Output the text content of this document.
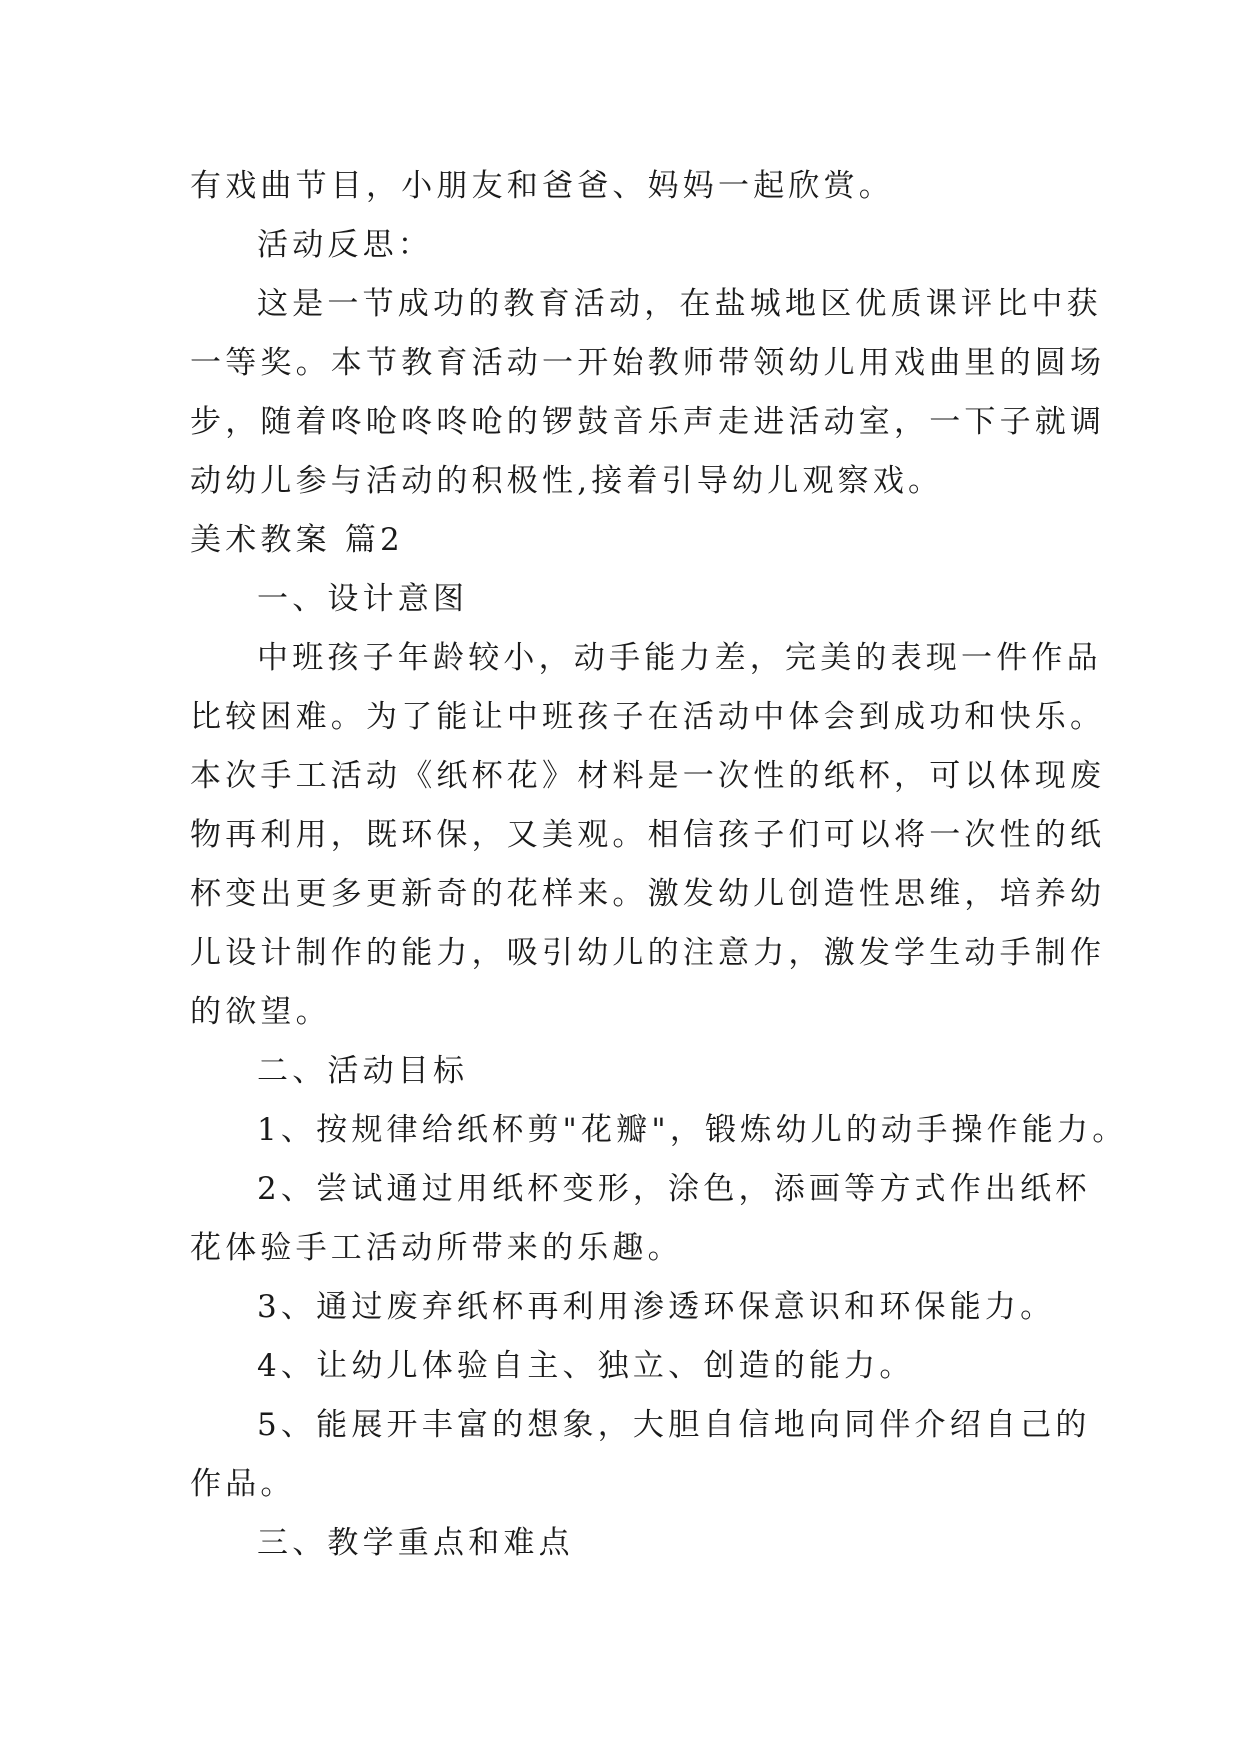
有戏曲节目，小朋友和爸爸、妈妈一起欣赏。
活动反思：
这是一节成功的教育活动，在盐城地区优质课评比中获
一等奖。本节教育活动一开始教师带领幼儿用戏曲里的圆场
步，随着咚呛咚咚呛的锣鼓音乐声走进活动室，一下子就调
动幼儿参与活动的积极性,接着引导幼儿观察戏。
美术教案 篇2
一、设计意图
中班孩子年龄较小，动手能力差，完美的表现一件作品
比较困难。为了能让中班孩子在活动中体会到成功和快乐。
本次手工活动《纸杯花》材料是一次性的纸杯，可以体现废
物再利用，既环保，又美观。相信孩子们可以将一次性的纸
杯变出更多更新奇的花样来。激发幼儿创造性思维，培养幼
儿设计制作的能力，吸引幼儿的注意力，激发学生动手制作
的欲望。
二、活动目标
1、按规律给纸杯剪"花瓣"，锻炼幼儿的动手操作能力。
2、尝试通过用纸杯变形，涂色，添画等方式作出纸杯
花体验手工活动所带来的乐趣。
3、通过废弃纸杯再利用渗透环保意识和环保能力。
4、让幼儿体验自主、独立、创造的能力。
5、能展开丰富的想象，大胆自信地向同伴介绍自己的
作品。
三、教学重点和难点
